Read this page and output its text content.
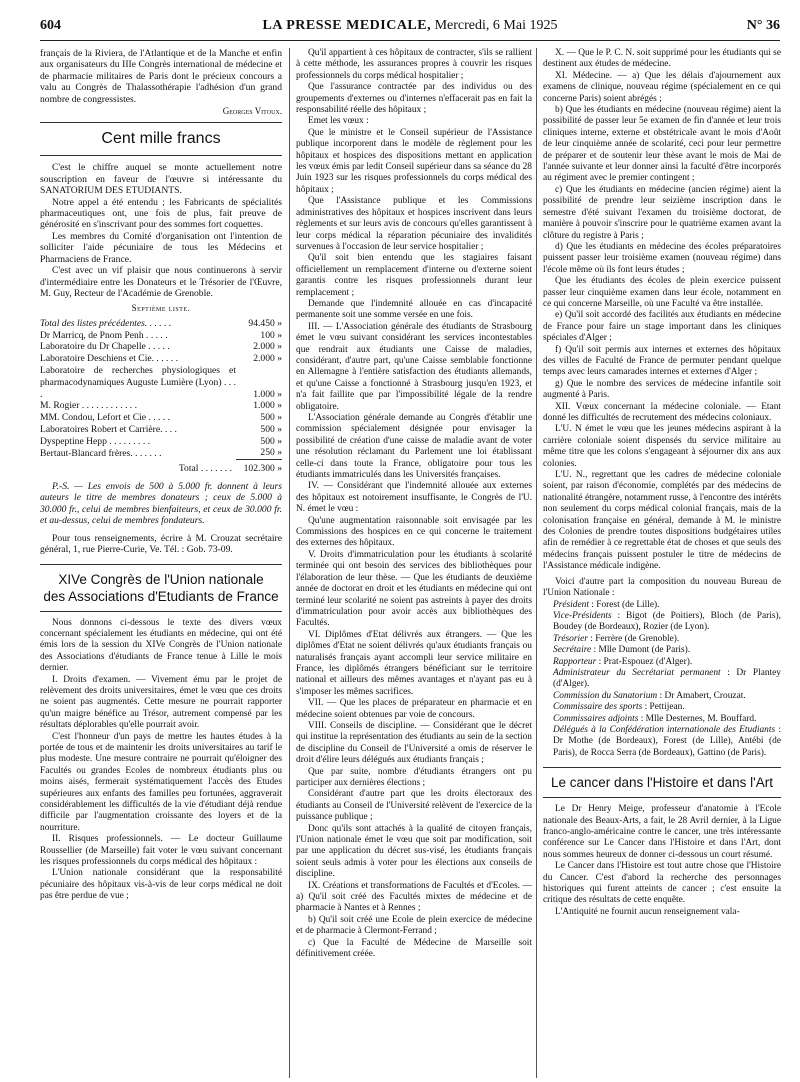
604	LA PRESSE MEDICALE, Mercredi, 6 Mai 1925	N° 36

français de la Riviera, de l'Atlantique et de la Manche et enfin aux organisateurs du IIIe Congrès international de médecine et de pharmacie militaires de Paris dont le précieux concours a valu au Congrès de Thalassothérapie l'adhésion d'un grand nombre de congressistes.

Georges Vitoux.
Cent mille francs

C'est le chiffre auquel se monte actuellement notre souscription en faveur de l'œuvre si intéressante du SANATORIUM DES ETUDIANTS.

Notre appel a été entendu ; les Fabricants de spécialités pharmaceutiques ont, une fois de plus, fait preuve de générosité en s'inscrivant pour des sommes fort coquettes.

Les membres du Comité d'organisation ont l'intention de solliciter l'aide pécuniaire de tous les Médecins et Pharmaciens de France.

C'est avec un vif plaisir que nous continuerons à servir d'intermédiaire entre les Donateurs et le Trésorier de l'Œuvre, M. Guy, Recteur de l'Académie de Grenoble.

Septième liste.
Total des listes précédentes. . . . . .	94.450 »
Dr Marricq, de Pnom Penh . . . . .	100 »
Laboratoire du Dr Chapelle . . . . .	2.000 »
Laboratoire Deschiens et Cie. . . . . .	2.000 »
Laboratoire de recherches physiologiques et pharmacodynamiques Auguste Lumière (Lyon) . . . .	1.000 »
M. Rogier . . . . . . . . . . . .	1.000 »
MM. Condou, Lefort et Cie . . . . .	500 »
Laboratoires Robert et Carrière. . . .	500 »
Dyspeptine Hepp . . . . . . . . .	500 »
Bertaut-Blancard frères. . . . . . .	250 »
Total . . . . . . .	102.300 »

P.-S. — Les envois de 500 à 5.000 fr. donnent à leurs auteurs le titre de membres donateurs ; ceux de 5.000 à 30.000 fr., celui de membres bienfaiteurs, et ceux de 30.000 fr. et au-dessus, celui de membres fondateurs.

Pour tous renseignements, écrire à M. Crouzat secrétaire général, 1, rue Pierre-Curie, Ve. Tél. : Gob. 73-09.

XIVe Congrès de l'Union nationale
des Associations d'Etudiants de France

Nous donnons ci-dessous le texte des divers vœux concernant spécialement les étudiants en médecine, qui ont été émis lors de la session du XIVe Congrès de l'Union nationale des Associations d'étudiants de France tenue à Lille le mois dernier.

I. Droits d'examen. — Vivement ému par le projet de relèvement des droits universitaires, émet le vœu que ces droits ne soient pas augmentés. Cette mesure ne pourrait rapporter qu'un maigre bénéfice au Trésor, autrement compensé par les résultats déplorables qu'elle pourrait avoir.

C'est l'honneur d'un pays de mettre les hautes études à la portée de tous et de maintenir les droits universitaires au tarif le plus modeste. Une mesure contraire ne pourrait qu'éloigner des Facultés ou grandes Ecoles de nombreux étudiants plus ou moins aisés, fermerait systématiquement l'accès des Etudes supérieures aux enfants des familles peu fortunées, aggraverait considérablement les difficultés de la vie d'étudiant déjà rendue difficile par l'augmentation croissante des loyers et de la nourriture.

II. Risques professionnels. — Le docteur Guillaume Roussellier (de Marseille) fait voter le vœu suivant concernant les risques professionnels du corps médical des hôpitaux :

L'Union nationale considérant que la responsabilité pécuniaire des hôpitaux vis-à-vis de leur corps médical ne doit pas être perdue de vue ;

Qu'il appartient à ces hôpitaux de contracter, s'ils se rallient à cette méthode, les assurances propres à couvrir les risques professionnels du corps médical hospitalier ;

Que l'assurance contractée par des individus ou des groupements d'externes ou d'internes n'effacerait pas en fait la responsabilité réelle des hôpitaux ;

Emet les vœux :

Que le ministre et le Conseil supérieur de l'Assistance publique incorporent dans le modèle de règlement pour les hôpitaux et hospices des dispositions mettant en application les vœux émis par ledit Conseil supérieur dans sa séance du 28 Juin 1923 sur les risques professionnels du corps médical des hôpitaux ;

Que l'Assistance publique et les Commissions administratives des hôpitaux et hospices inscrivent dans leurs règlements et sur leurs avis de concours qu'elles garantissent à leur corps médical la réparation pécuniaire des invalidités survenues à l'occasion de leur service hospitalier ;

Qu'il soit bien entendu que les stagiaires faisant officiellement un remplacement d'interne ou d'externe soient garantis contre les risques professionnels durant leur remplacement ;

Demande que l'indemnité allouée en cas d'incapacité permanente soit une somme versée en une fois.

III. — L'Association générale des étudiants de Strasbourg émet le vœu suivant considérant les services incontestables que rendrait aux étudiants une Caisse de maladies, considérant, d'autre part, qu'une Caisse semblable fonctionne en Allemagne à l'entière satisfaction des étudiants allemands, et qu'une Caisse a fonctionné à Strasbourg jusqu'en 1923, et n'a fait faillite que par l'impossibilité légale de la rendre obligatoire.

L'Association générale demande au Congrès d'établir une commission spécialement désignée pour envisager la possibilité de création d'une caisse de maladie avant de voter une résolution réclamant du Parlement une loi établissant celle-ci dans toute la France, obligatoire pour tous les étudiants immatriculés dans les Universités françaises.

IV. — Considérant que l'indemnité allouée aux externes des hôpitaux est notoirement insuffisante, le Congrès de l'U. N. émet le vœu :

Qu'une augmentation raisonnable soit envisagée par les Commissions des hospices en ce qui concerne le traitement des externes des hôpitaux.

V. Droits d'immatriculation pour les étudiants à scolarité terminée qui ont besoin des services des bibliothèques pour l'élaboration de leur thèse. — Que les étudiants de deuxième année de doctorat en droit et les étudiants en médecine qui ont terminé leur scolarité ne soient pas astreints à payer des droits d'immatriculation pour avoir accès aux bibliothèques des Facultés.

VI. Diplômes d'Etat délivrés aux étrangers. — Que les diplômes d'Etat ne soient délivrés qu'aux étudiants français ou naturalisés français ayant accompli leur service militaire en France, les diplômés étrangers bénéficiant sur le territoire national et ailleurs des mêmes avantages et n'ayant pas eu à s'imposer les mêmes sacrifices.

VII. — Que les places de préparateur en pharmacie et en médecine soient obtenues par voie de concours.

VIII. Conseils de discipline. — Considérant que le décret qui institue la représentation des étudiants au sein de la section de discipline du Conseil de l'Université a omis de réserver le droit d'élire leurs délégués aux étudiants français ;

Que par suite, nombre d'étudiants étrangers ont pu participer aux dernières élections ;

Considérant d'autre part que les droits électoraux des étudiants au Conseil de l'Université relèvent de l'exercice de la puissance publique ;

Donc qu'ils sont attachés à la qualité de citoyen français, l'Union nationale émet le vœu que soit par modification, soit par une application du décret sus-visé, les étudiants français soient seuls admis à voter pour les élections aux conseils de discipline.

IX. Créations et transformations de Facultés et d'Ecoles. — a) Qu'il soit créé des Facultés mixtes de médecine et de pharmacie à Nantes et à Rennes ;

b) Qu'il soit créé une Ecole de plein exercice de médecine et de pharmacie à Clermont-Ferrand ;

c) Que la Faculté de Médecine de Marseille soit définitivement créée.

X. — Que le P. C. N. soit supprimé pour les étudiants qui se destinent aux études de médecine.

XI. Médecine. — a) Que les délais d'ajournement aux examens de clinique, nouveau régime (spécialement en ce qui concerne Paris) soient abrégés ;

b) Que les étudiants en médecine (nouveau régime) aient la possibilité de passer leur 5e examen de fin d'année et leur trois cliniques interne, externe et obstétricale avant le mois d'Août de leur cinquième année de scolarité, ceci pour leur permettre de préparer et de soutenir leur thèse avant le mois de Mai de l'année suivante et leur donner ainsi la faculté d'être incorporés au régiment avec le premier contingent ;

c) Que les étudiants en médecine (ancien régime) aient la possibilité de prendre leur seizième inscription dans le semestre d'été suivant l'examen du troisième doctorat, de manière à pouvoir s'inscrire pour le quatrième examen avant la clôture du registre à Paris ;

d) Que les étudiants en médecine des écoles préparatoires puissent passer leur troisième examen (nouveau régime) dans l'école même où ils font leurs études ;

Que les étudiants des écoles de plein exercice puissent passer leur cinquième examen dans leur école, notamment en ce qui concerne Marseille, où une Faculté va être installée.

e) Qu'il soit accordé des facilités aux étudiants en médecine de France pour faire un stage important dans les cliniques spéciales d'Alger ;

f) Qu'il soit permis aux internes et externes des hôpitaux des villes de Faculté de France de permuter pendant quelque temps avec leurs camarades internes et externes d'Alger ;

g) Que le nombre des services de médecine infantile soit augmenté à Paris.

XII. Vœux concernant la médecine coloniale. — Etant donné les difficultés de recrutement des médecins coloniaux.

L'U. N émet le vœu que les jeunes médecins aspirant à la carrière coloniale soient dispensés du service militaire au même titre que les colons s'engageant à séjourner dix ans aux colonies.

L'U. N., regrettant que les cadres de médecine coloniale soient, par raison d'économie, complétés par des médecins de nationalité étrangère, notamment russe, à l'encontre des intérêts non seulement du corps médical colonial français, mais de la colonisation française en général, demande à M. le ministre des Colonies de prendre toutes dispositions budgétaires utiles afin de remédier à ce regrettable état de choses et que seuls des médecins français puissent postuler le titre de médecins de l'Assistance médicale indigène.

Voici d'autre part la composition du nouveau Bureau de l'Union Nationale :

Président : Forest (de Lille).

Vice-Présidents : Bigot (de Poitiers), Bloch (de Paris), Boudey (de Bordeaux), Rozier (de Lyon).

Trésorier : Ferrère (de Grenoble).

Secrétaire : Mlle Dumont (de Paris).

Rapporteur : Prat-Espouez (d'Alger).

Administrateur du Secrétariat permanent : Dr Plantey (d'Alger).

Commission du Sanatorium : Dr Amabert, Crouzat.

Commissaire des sports : Pettijean.

Commissaires adjoints : Mlle Desternes, M. Bouffard.

Délégués à la Confédération internationale des Etudiants : Dr Mothe (de Bordeaux), Forest (de Lille), Antébi (de Paris), de Rocca Serra (de Bordeaux), Gattino (de Paris).

Le cancer dans l'Histoire et dans l'Art

Le Dr Henry Meige, professeur d'anatomie à l'Ecole nationale des Beaux-Arts, a fait, le 28 Avril dernier, à la Ligue franco-anglo-américaine contre le cancer, une très intéressante conférence sur Le Cancer dans l'Histoire et dans l'Art, dont nous sommes heureux de donner ci-dessous un court résumé.

Le Cancer dans l'Histoire est tout autre chose que l'Histoire du Cancer. C'est d'abord la recherche des personnages historiques qui furent atteints de cancer ; c'est ensuite la critique des résultats de cette enquête.

L'Antiquité ne fournit aucun renseignement vala-
